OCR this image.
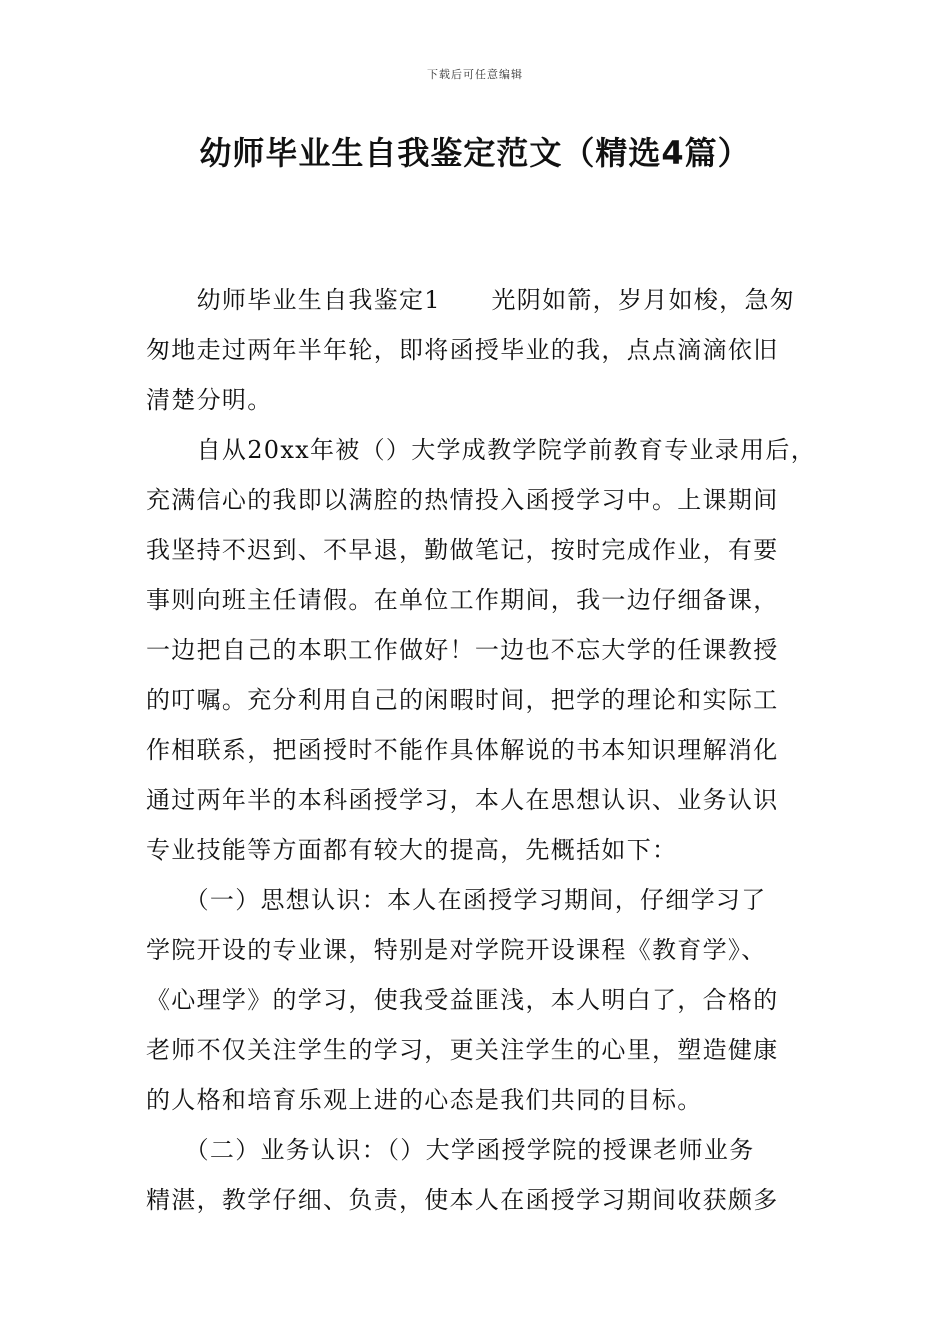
下载后可任意编辑
幼师毕业生自我鉴定范文（精选4篇）
　　幼师毕业生自我鉴定1　　光阴如箭，岁月如梭，急匆
匆地走过两年半年轮，即将函授毕业的我，点点滴滴依旧
清楚分明。
　　自从20xx年被（）大学成教学院学前教育专业录用后，
充满信心的我即以满腔的热情投入函授学习中。上课期间
我坚持不迟到、不早退，勤做笔记，按时完成作业，有要
事则向班主任请假。在单位工作期间，我一边仔细备课，
一边把自己的本职工作做好！一边也不忘大学的任课教授
的叮嘱。充分利用自己的闲暇时间，把学的理论和实际工
作相联系，把函授时不能作具体解说的书本知识理解消化
通过两年半的本科函授学习，本人在思想认识、业务认识
专业技能等方面都有较大的提高，先概括如下：
　　（一）思想认识：本人在函授学习期间，仔细学习了
学院开设的专业课，特别是对学院开设课程《教育学》、
《心理学》的学习，使我受益匪浅，本人明白了，合格的
老师不仅关注学生的学习，更关注学生的心里，塑造健康
的人格和培育乐观上进的心态是我们共同的目标。
　　（二）业务认识：（）大学函授学院的授课老师业务
精湛，教学仔细、负责，使本人在函授学习期间收获颇多
